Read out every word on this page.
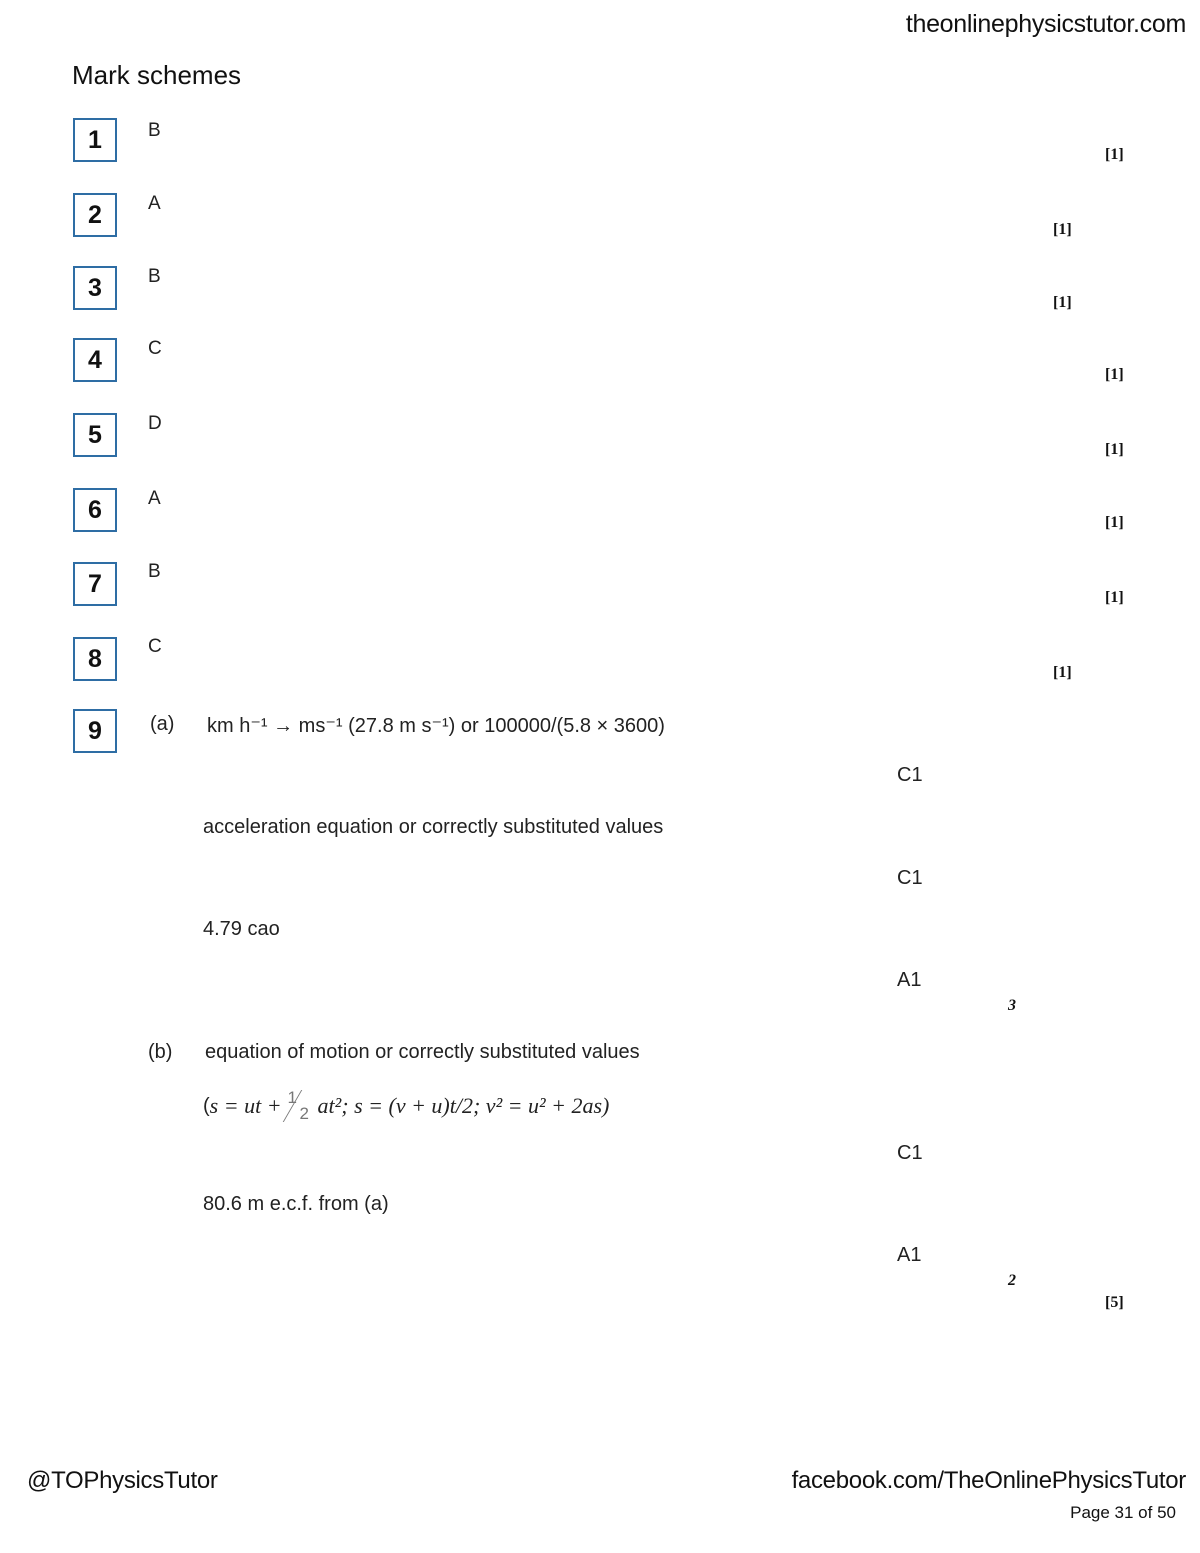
theonlinephysicstutor.com
Mark schemes
1	B
[1]
2	A
[1]
3	B
[1]
4	C
[1]
5	D
[1]
6	A
[1]
7	B
[1]
8	C
[1]
9	(a) km h⁻¹ → ms⁻¹ (27.8 m s⁻¹) or 100000/(5.8 × 3600)
C1
acceleration equation or correctly substituted values
C1
4.79 cao
A1
3
(b) equation of motion or correctly substituted values
( s = ut + 1
2 at²; s = (v + u)t/2; v² = u² + 2as)
C1
80.6 m e.c.f. from (a)
A1
2
[5]
@TOPhysicsTutor	facebook.com/TheOnlinePhysicsTutor
Page 31 of 50
